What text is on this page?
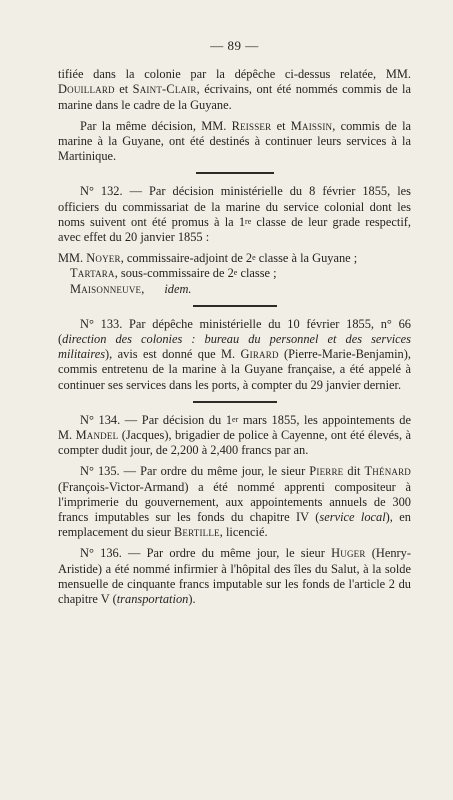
— 89 —

tifiée dans la colonie par la dépêche ci-dessus relatée, MM. Douillard et Saint-Clair, écrivains, ont été nommés commis de la marine dans le cadre de la Guyane.

Par la même décision, MM. Reisser et Maissin, commis de la marine à la Guyane, ont été destinés à continuer leurs services à la Martinique.

N° 132. — Par décision ministérielle du 8 février 1855, les officiers du commissariat de la marine du service colonial dont les noms suivent ont été promus à la 1re classe de leur grade respectif, avec effet du 20 janvier 1855 :

MM. Noyer, commissaire-adjoint de 2e classe à la Guyane ;
Tartara, sous-commissaire de 2e classe ;
Maisonneuve, idem.

N° 133. Par dépêche ministérielle du 10 février 1855, n° 66 (direction des colonies : bureau du personnel et des services militaires), avis est donné que M. Girard (Pierre-Marie-Benjamin), commis entretenu de la marine à la Guyane française, a été appelé à continuer ses services dans les ports, à compter du 29 janvier dernier.

N° 134. — Par décision du 1er mars 1855, les appointements de M. Mandel (Jacques), brigadier de police à Cayenne, ont été élevés, à compter dudit jour, de 2,200 à 2,400 francs par an.

N° 135. — Par ordre du même jour, le sieur Pierre dit Thénard (François-Victor-Armand) a été nommé apprenti compositeur à l'imprimerie du gouvernement, aux appointements annuels de 300 francs imputables sur les fonds du chapitre IV (service local), en remplacement du sieur Bertille, licencié.

N° 136. — Par ordre du même jour, le sieur Huger (Henry-Aristide) a été nommé infirmier à l'hôpital des îles du Salut, à la solde mensuelle de cinquante francs imputable sur les fonds de l'article 2 du chapitre V (transportation).
